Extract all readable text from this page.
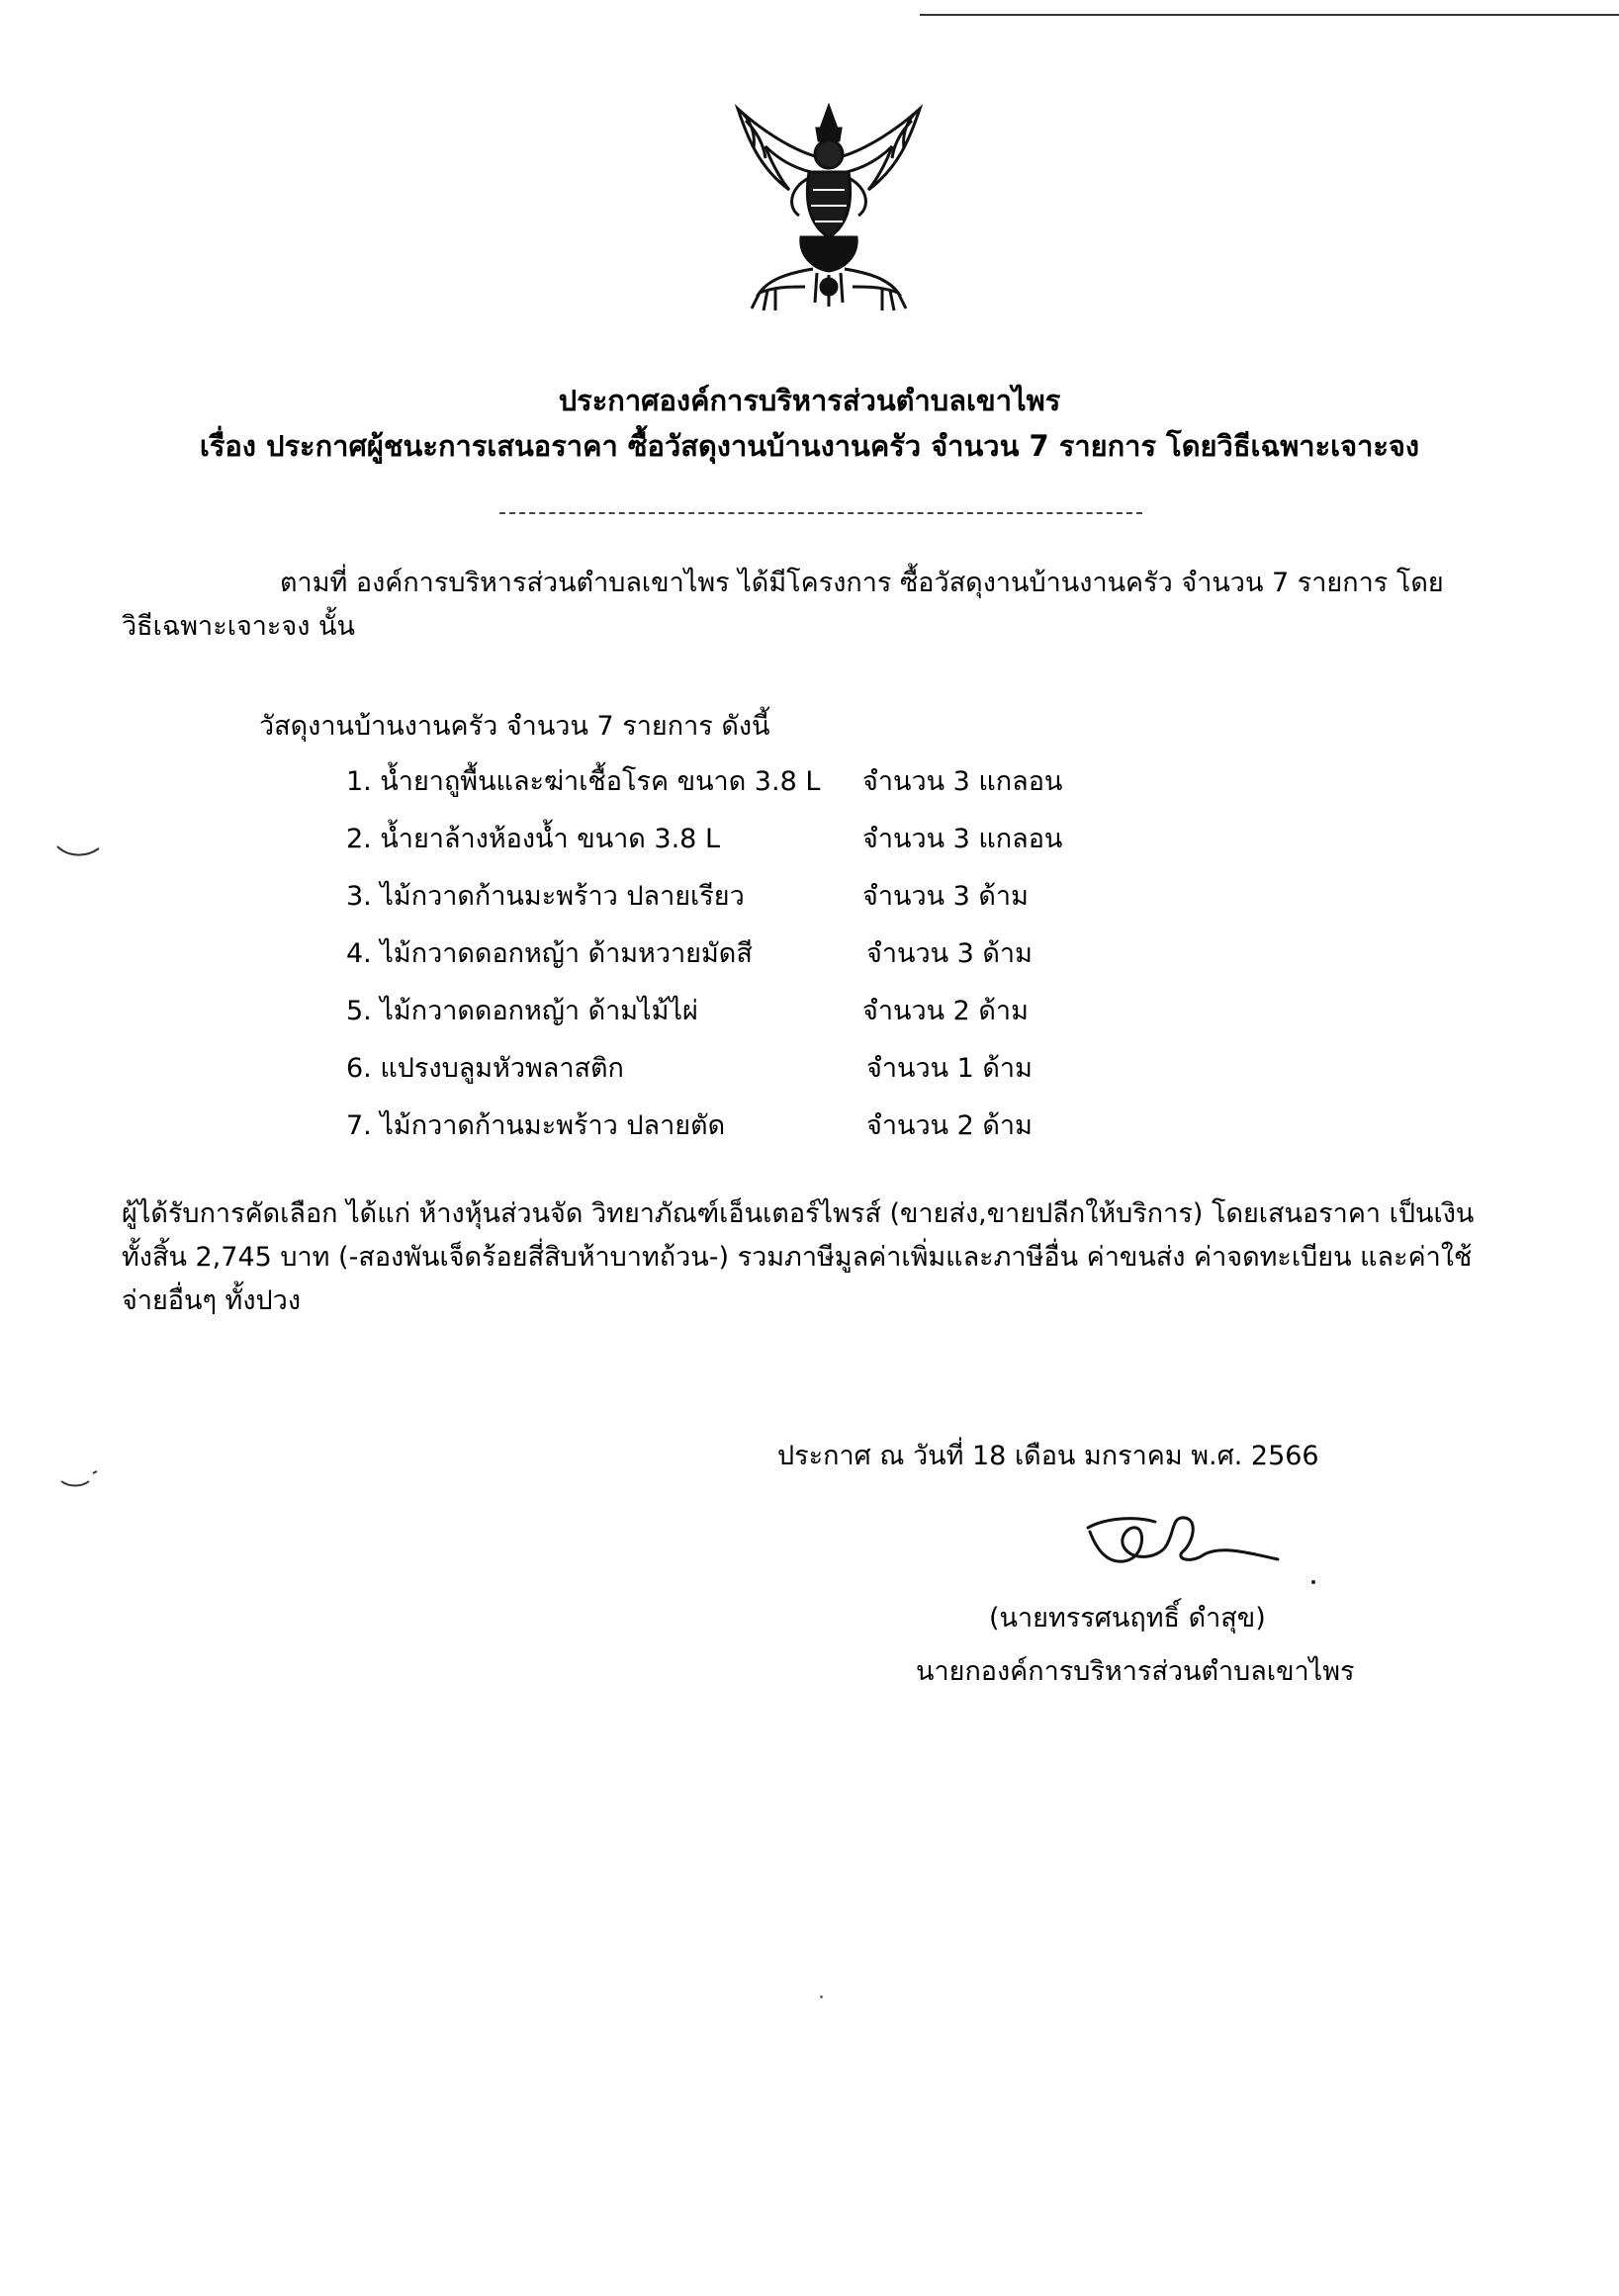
ประกาศองค์การบริหารส่วนตำบลเขาไพร
เรื่อง ประกาศผู้ชนะการเสนอราคา ซื้อวัสดุงานบ้านงานครัว จำนวน 7 รายการ โดยวิธีเฉพาะเจาะจง
ตามที่ องค์การบริหารส่วนตำบลเขาไพร ได้มีโครงการ ซื้อวัสดุงานบ้านงานครัว จำนวน 7 รายการ โดยวิธีเฉพาะเจาะจง นั้น
วัสดุงานบ้านงานครัว จำนวน 7 รายการ ดังนี้
1. น้ำยาถูพื้นและฆ่าเชื้อโรค ขนาด 3.8 L จำนวน 3 แกลอน
2. น้ำยาล้างห้องน้ำ ขนาด 3.8 L	จำนวน 3 แกลอน
3. ไม้กวาดก้านมะพร้าว ปลายเรียว	จำนวน 3 ด้าม
4. ไม้กวาดดอกหญ้า ด้ามหวายมัดสี	จำนวน 3 ด้าม
5. ไม้กวาดดอกหญ้า ด้ามไม้ไผ่	จำนวน 2 ด้าม
6. แปรงบลูมหัวพลาสติก	จำนวน 1 ด้าม
7. ไม้กวาดก้านมะพร้าว ปลายตัด	จำนวน 2 ด้าม
ผู้ได้รับการคัดเลือก ได้แก่ ห้างหุ้นส่วนจัด วิทยาภัณฑ์เอ็นเตอร์ไพรส์ (ขายส่ง,ขายปลีกให้บริการ) โดยเสนอราคา เป็นเงินทั้งสิ้น 2,745 บาท (-สองพันเจ็ดร้อยสี่สิบห้าบาทถ้วน-) รวมภาษีมูลค่าเพิ่มและภาษีอื่น ค่าขนส่ง ค่าจดทะเบียน และค่าใช้จ่ายอื่นๆ ทั้งปวง
ประกาศ ณ วันที่ 18 เดือน มกราคม พ.ศ. 2566
(นายทรรศนฤทธิ์ ดำสุข)
นายกองค์การบริหารส่วนตำบลเขาไพร
